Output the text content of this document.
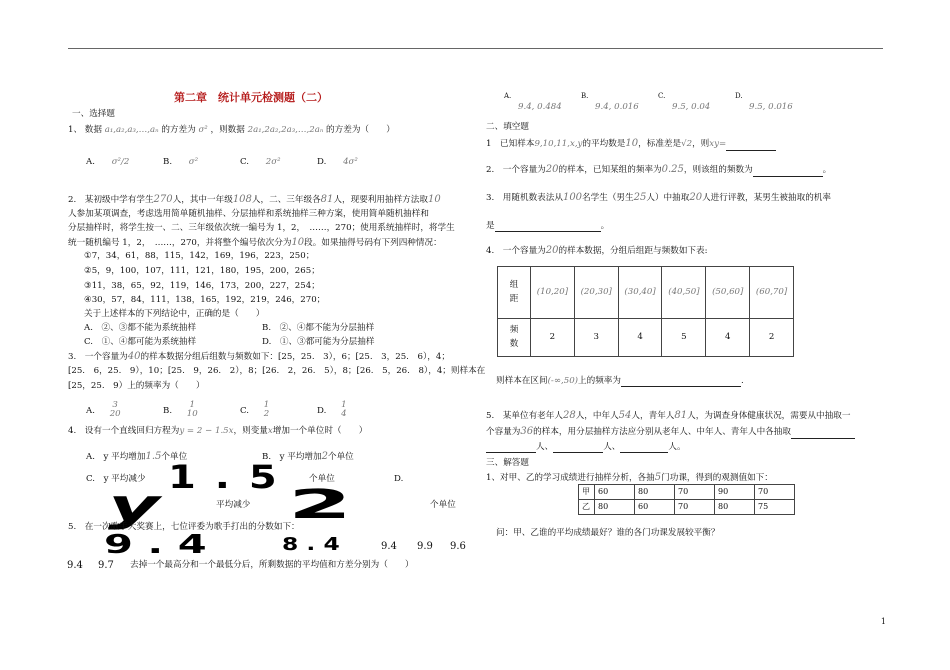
第二章　统计单元检测题（二）
一、选择题
1、 数据 a₁,a₂,a₃,…,aₙ 的方差为 σ² ，则数据 2a₁,2a₂,2a₃,…,2aₙ 的方差为（　　）
A. σ²/2	B. σ²	C. 2σ²	D. 4σ²
2.　某初级中学有学生270人，其中一年级108人，二、三年级各81人，现要利用抽样方法取10
人参加某项调查，考虑选用简单随机抽样、分层抽样和系统抽样三种方案，使用简单随机抽样和
分层抽样时，将学生按一、二、三年级依次统一编号为 1，2，　……，270；使用系统抽样时，将学生
统一随机编号 1，2，　……，270，并将整个编号依次分为10段。如果抽得号码有下列四种情况：
①7，34，61，88，115，142，169，196，223，250；
②5，9，100，107，111，121，180，195，200，265；
③11，38，65，92，119，146，173，200，227，254；
④30，57，84，111，138，165，192，219，246，270；
关于上述样本的下列结论中，正确的是（　　）
A.　②、③都不能为系统抽样	B.　②、④都不能为分层抽样
C.　①、④都可能为系统抽样	D.　①、③都可能为分层抽样
3.　一个容量为40的样本数据分组后组数与频数如下：[25，25.　3），6；[25.　3，25.　6），4；
[25.　6，25.　9），10；[25.　9，26.　2），8；[26.　2，26.　5），8；[26.　5，26.　8），4；则样本在
[25，25.　9）上的频率为（　　）
A. 3
20	B. 1
10	C. 1
2	D. 1
4
4.　设有一个直线回归方程为y = 2 − 1.5x，则变量x增加一个单位时（　　）
A.　y 平均增加1.5个单位	B.　y 平均增加2个单位
C.　y 平均减少 1 . 5	个单位	D.
y	平均减少 2	个单位
5.　在一次歌手大奖赛上，七位评委为歌手打出的分数如下：
9 . 4	8 . 4	9.4 9.9 9.6
9.4 9.7 去掉一个最高分和一个最低分后，所剩数据的平均值和方差分别为（　　）
A.
9.4, 0.484
B.
9.4, 0.016
C.
9.5, 0.04
D.
9.5, 0.016
二、填空题
1　已知样本9,10,11,x,y的平均数是10，标准差是√2，则xy=
2.　一个容量为20的样本，已知某组的频率为0.25，则该组的频数为	。
3.　用随机数表法从100名学生（男生25人）中抽取20人进行评教，某男生被抽取的机率
是	。
4.　一个容量为20的样本数据，分组后组距与频数如下表:
组
距	(10,20]	(20,30]	(30,40]	(40,50]	(50,60]	(60,70]
频
数	2	3	4	5	4	2
则样本在区间(-∞,50)上的频率为	.
5.　某单位有老年人28人，中年人54人，青年人81人，为调查身体健康状况，需要从中抽取一
个容量为36的样本，用分层抽样方法应分别从老年人、中年人、青年人中各抽取
人、	人、	人。
三、解答题
1、对甲、乙的学习成绩进行抽样分析，各抽5门功课，得到的观测值如下：
甲	60	80	70	90	70
乙	80	60	70	80	75
问：甲、乙谁的平均成绩最好？谁的各门功课发展较平衡？
1
